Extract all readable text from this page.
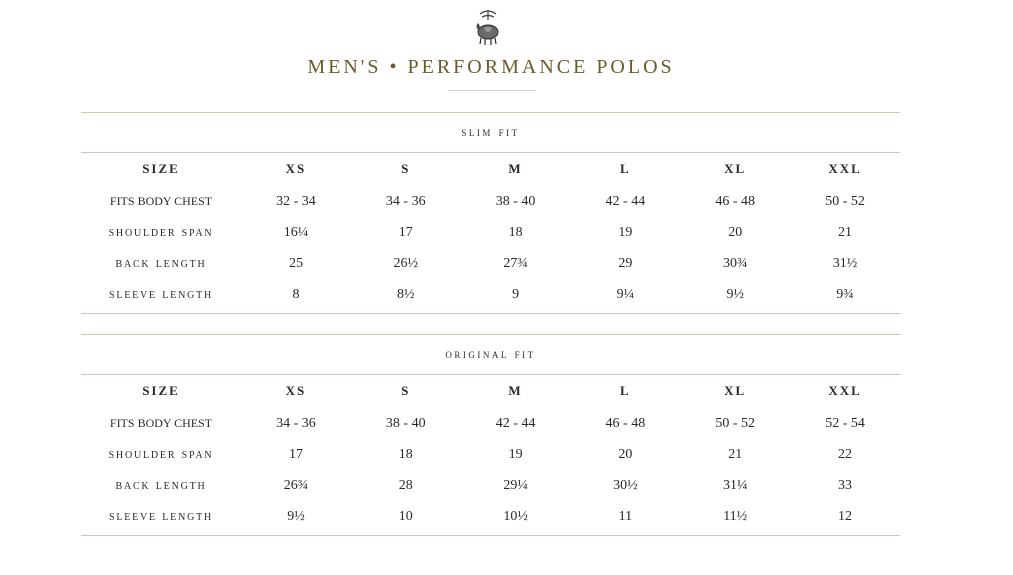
MEN'S • PERFORMANCE POLOS
slim fit
SIZE	XS	S	M	L	XL	XXL
FITS BODY CHEST	32 - 34	34 - 36	38 - 40	42 - 44	46 - 48	50 - 52
shoulder span	16¼	17	18	19	20	21
back length	25	26½	27¾	29	30¾	31½
sleeve length	8	8½	9	9¼	9½	9¾
original fit
SIZE	XS	S	M	L	XL	XXL
FITS BODY CHEST	34 - 36	38 - 40	42 - 44	46 - 48	50 - 52	52 - 54
shoulder span	17	18	19	20	21	22
back length	26¾	28	29¼	30½	31¼	33
sleeve length	9½	10	10½	11	11½	12
